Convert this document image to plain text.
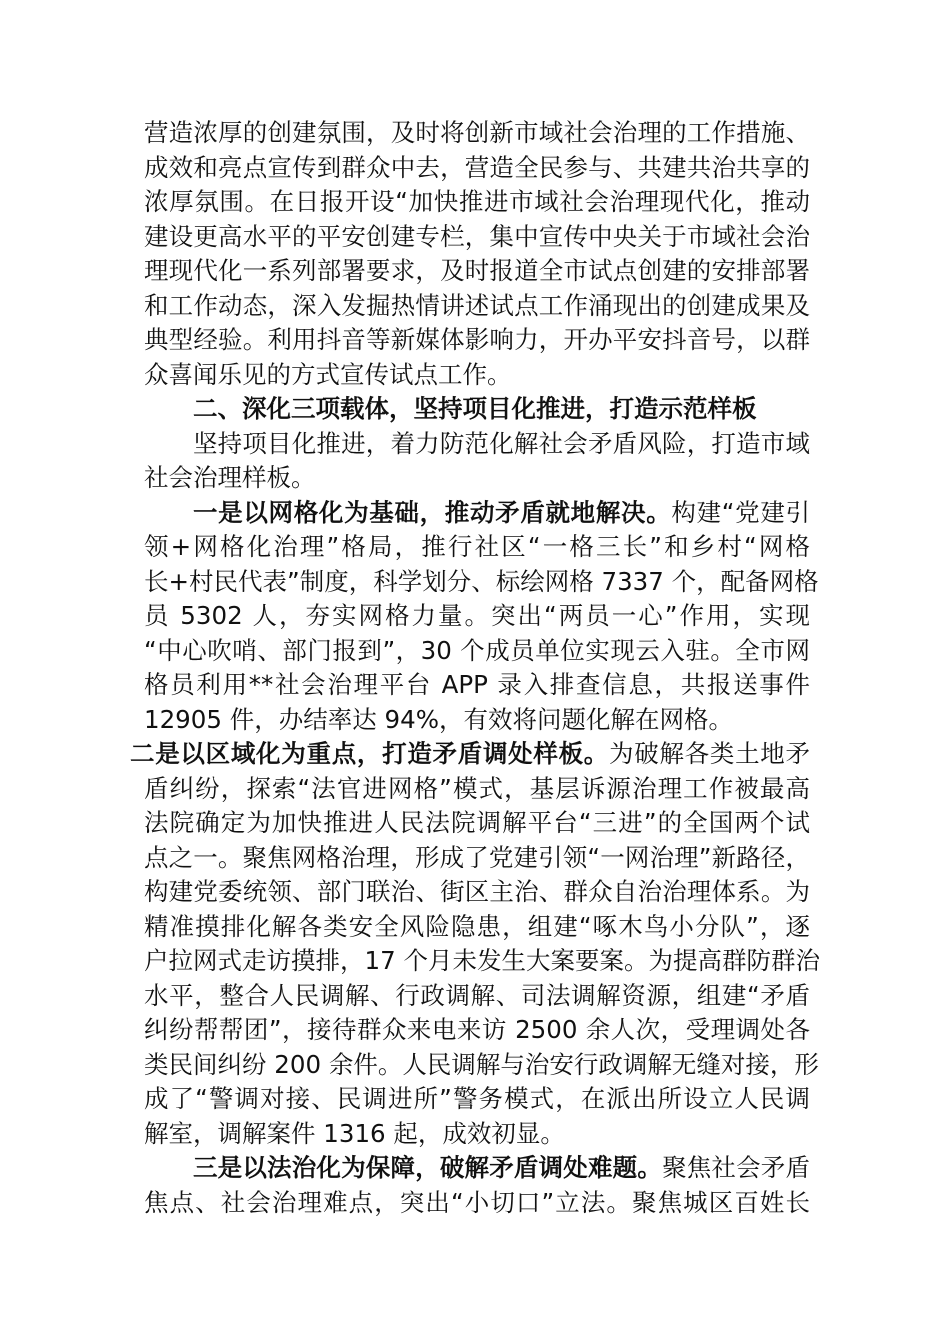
营造浓厚的创建氛围，及时将创新市域社会治理的工作措施、
成效和亮点宣传到群众中去，营造全民参与、共建共治共享的
浓厚氛围。在日报开设“加快推进市域社会治理现代化，推动
建设更高水平的平安创建专栏，集中宣传中央关于市域社会治
理现代化一系列部署要求，及时报道全市试点创建的安排部署
和工作动态，深入发掘热情讲述试点工作涌现出的创建成果及
典型经验。利用抖音等新媒体影响力，开办平安抖音号，以群
众喜闻乐见的方式宣传试点工作。
二、深化三项载体，坚持项目化推进，打造示范样板
坚持项目化推进，着力防范化解社会矛盾风险，打造市域
社会治理样板。
一是以网格化为基础，推动矛盾就地解决。构建“党建引
领+网格化治理”格局，推行社区“一格三长”和乡村“网格
长+村民代表”制度，科学划分、标绘网格 7337 个，配备网格
员 5302 人，夯实网格力量。突出“两员一心”作用，实现
“中心吹哨、部门报到”，30 个成员单位实现云入驻。全市网
格员利用**社会治理平台 APP 录入排查信息，共报送事件
12905 件，办结率达 94%，有效将问题化解在网格。
二是以区域化为重点，打造矛盾调处样板。为破解各类土地矛
盾纠纷，探索“法官进网格”模式，基层诉源治理工作被最高
法院确定为加快推进人民法院调解平台“三进”的全国两个试
点之一。聚焦网格治理，形成了党建引领“一网治理”新路径，
构建党委统领、部门联治、街区主治、群众自治治理体系。为
精准摸排化解各类安全风险隐患，组建“啄木鸟小分队”，逐
户拉网式走访摸排，17 个月未发生大案要案。为提高群防群治
水平，整合人民调解、行政调解、司法调解资源，组建“矛盾
纠纷帮帮团”，接待群众来电来访 2500 余人次，受理调处各
类民间纠纷 200 余件。人民调解与治安行政调解无缝对接，形
成了“警调对接、民调进所”警务模式，在派出所设立人民调
解室，调解案件 1316 起，成效初显。
三是以法治化为保障，破解矛盾调处难题。聚焦社会矛盾
焦点、社会治理难点，突出“小切口”立法。聚焦城区百姓长
